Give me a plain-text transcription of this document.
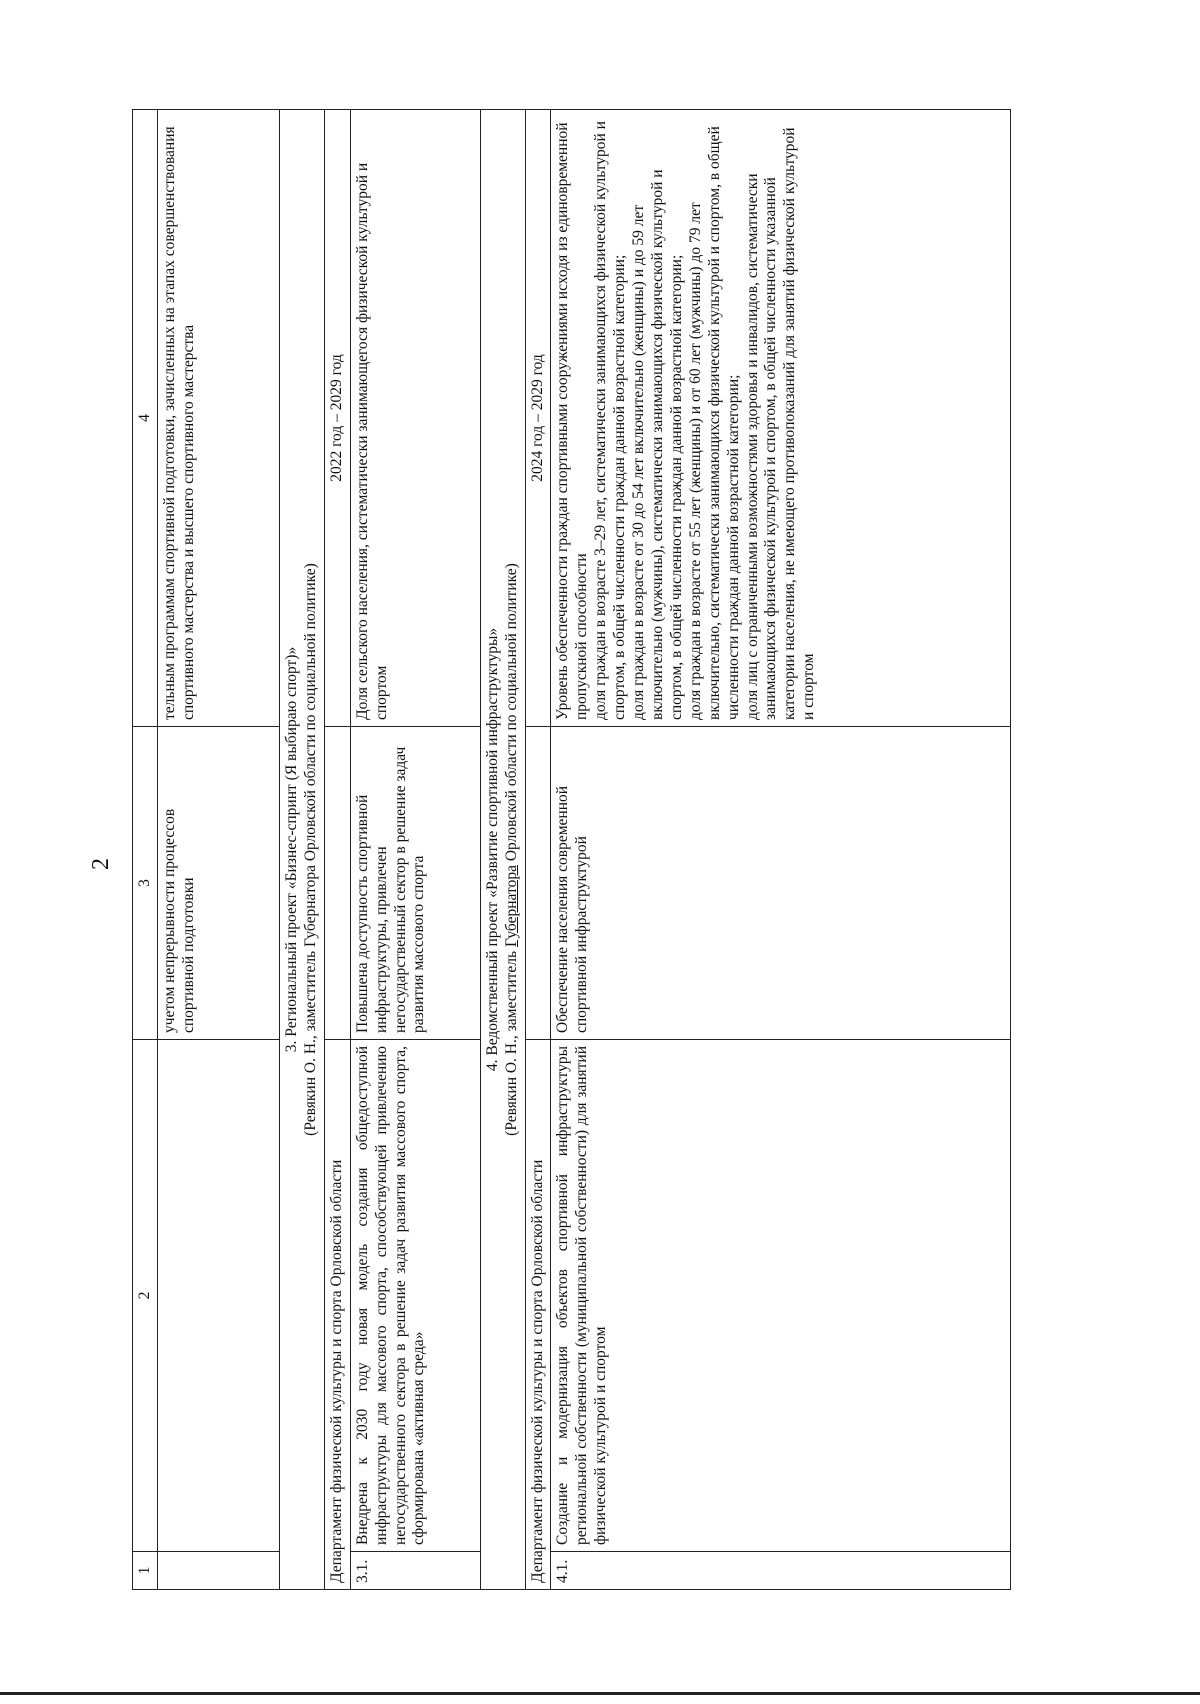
2
1	2	3	4
		учетом непрерывности процессов спортивной подготовки	тельным программам спортивной подготовки, зачисленных на этапах совершенствования спортивного мастерства и высшего спортивного мастерства

3. Региональный проект «Бизнес-спринт (Я выбираю спорт)» (Ревякин О. Н., заместитель Губернатора Орловской области по социальной политике)			

Департамент физической культуры и спорта Орловской области			2022 год – 2029 год
3.1.	Внедрена к 2030 году новая модель создания общедоступной инфраструктуры для массового спорта, способствующей привлечению негосударственного сектора в решение задач развития массового спорта, сформирована «активная среда»	Повышена доступность спортивной инфраструктуры, привлечен негосударственный сектор в решение задач развития массового спорта	Доля сельского населения, систематически занимающегося физической культурой и спортом

4. Ведомственный проект «Развитие спортивной инфраструктуры» (Ревякин О. Н., заместитель Губернатора Орловской области по социальной политике)			

Департамент физической культуры и спорта Орловской области			2024 год – 2029 год
4.1.	Создание и модернизация объектов спортивной инфраструктуры региональной собственности (муниципальной собственности) для занятий физической культурой и спортом	Обеспечение населения современной спортивной инфраструктурой	Уровень обеспеченности граждан спортивными сооружениями исходя из единовременной пропускной способности доля граждан в возрасте 3–29 лет, систематически занимающихся физической культурой и спортом, в общей численности граждан данной возрастной категории; доля граждан в возрасте от 30 до 54 лет включительно (женщины) и до 59 лет включительно (мужчины), систематически занимающихся физической культурой и спортом, в общей численности граждан данной возрастной категории; доля граждан в возрасте от 55 лет (женщины) и от 60 лет (мужчины) до 79 лет включительно, систематически занимающихся физической культурой и спортом, в общей численности граждан данной возрастной категории; доля лиц с ограниченными возможностями здоровья и инвалидов, систематически занимающихся физической культурой и спортом, в общей численности указанной категории населения, не имеющего противопоказаний для занятий физической культурой и спортом
